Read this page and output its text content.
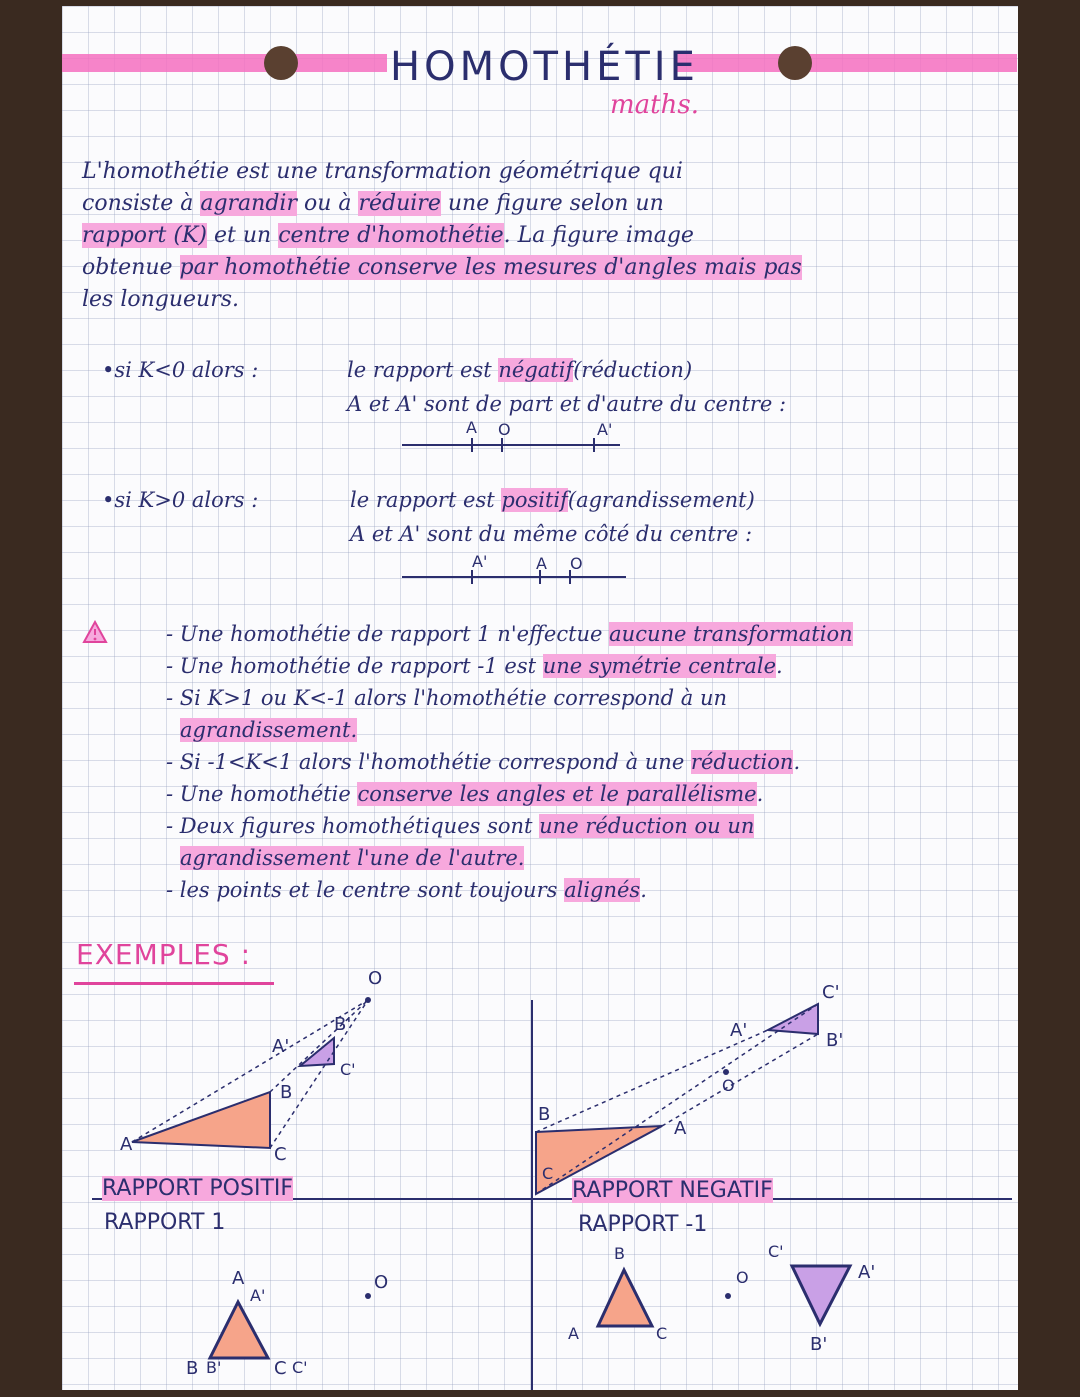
HOMOTHÉTIE
maths.
L'homothétie est une transformation géométrique qui
consiste à agrandir ou à réduire une figure selon un
rapport (K) et un centre d'homothétie. La figure image
obtenue par homothétie conserve les mesures d'angles mais pas
les longueurs.
•si K<0 alors :	le rapport est négatif(réduction)
A et A' sont de part et d'autre du centre :
•si K>0 alors :	le rapport est positif(agrandissement)
A et A' sont du même côté du centre :
A O	A'
A'	A O
- Une homothétie de rapport 1 n'effectue aucune transformation
- Une homothétie de rapport -1 est une symétrie centrale.
- Si K>1 ou K<-1 alors l'homothétie correspond à un
agrandissement.
- Si -1<K<1 alors l'homothétie correspond à une réduction.
- Une homothétie conserve les angles et le parallélisme.
- Deux figures homothétiques sont une réduction ou un
agrandissement l'une de l'autre.
- les points et le centre sont toujours alignés.
EXEMPLES :
O
A'
B'
C'
B
A	C
RAPPORT POSITIF
C'
A'	B'
O
B
A
C
RAPPORT NEGATIF
RAPPORT 1
A
A'
O
B B'	C C'
RAPPORT -1
B
A	C
O
C'
A'
B'
